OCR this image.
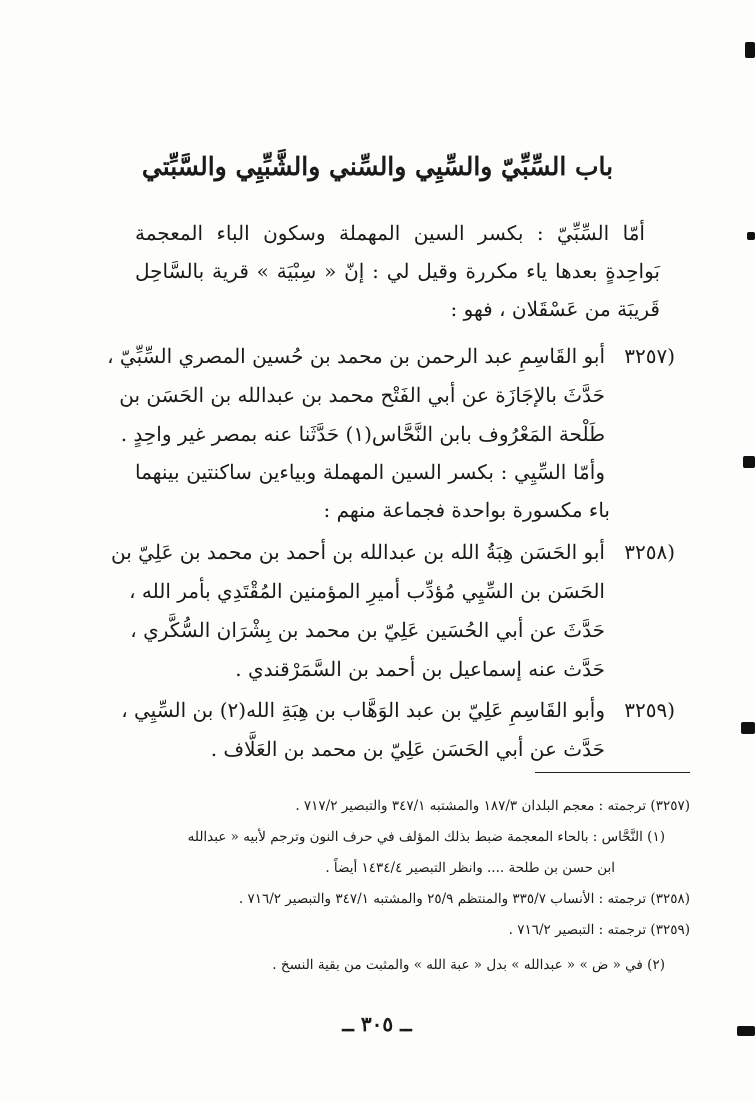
باب السِّبِّيّ والسِّيِي والسِّني والشَّبِّيِي والسَّبِّتي
أمّا السِّبِّيّ : بكسر السين المهملة وسكون الباء المعجمة
بَواحِدةٍ بعدها ياء مكررة وقيل لي : إنّ « سِبْيَة » قرية بالسَّاحِل
قَريبَة من عَسْقَلان ، فهو :
(٣٢٥٧
أبو القَاسِمِ عبد الرحمن بن محمد بن حُسين المصري السِّبِّيّ ،
حَدَّثَ بالإجَازَة عن أبي الفَتْح محمد بن عبدالله بن الحَسَن بن
طَلْحة المَعْرُوف بابن النَّحَّاس(١) حَدَّثَنا عنه بمصر غير واحِدٍ .
وأمّا السِّيِي : بكسر السين المهملة وبياءين ساكنتين بينهما
باء مكسورة بواحدة فجماعة منهم :
(٣٢٥٨
أبو الحَسَن هِبَةُ الله بن عبدالله بن أحمد بن محمد بن عَلِيّ بن
الحَسَن بن السِّيِي مُؤدِّب أميرِ المؤمنين المُقْتَدِي بأمر الله ،
حَدَّثَ عن أبي الحُسَين عَلِيّ بن محمد بن بِشْرَان السُّكَّري ،
حَدَّث عنه إسماعيل بن أحمد بن السَّمَرْقندي .
(٣٢٥٩
وأبو القَاسِمِ عَلِيّ بن عبد الوَهَّاب بن هِبَةِ الله(٢) بن السِّيِي ،
حَدَّث عن أبي الحَسَن عَلِيّ بن محمد بن العَلَّاف .
(٣٢٥٧) ترجمته : معجم البلدان ١٨٧/٣ والمشتبه ٣٤٧/١ والتبصير ٧١٧/٢ .
(١) النَّحَّاس : بالحاء المعجمة ضبط بذلك المؤلف في حرف النون وترجم لأبيه « عبدالله
ابن حسن بن طلحة .... وانظر التبصير ١٤٣٤/٤ أيضاً .
(٣٢٥٨) ترجمته : الأنساب ٣٣٥/٧ والمنتظم ٢٥/٩ والمشتبه ٣٤٧/١ والتبصير ٧١٦/٢ .
(٣٢٥٩) ترجمته : التبصير ٧١٦/٢ .
(٢) في « ض » « عبدالله » بدل « عبة الله » والمثبت من بقية النسخ .
ــ ٣٠٥ ــ
